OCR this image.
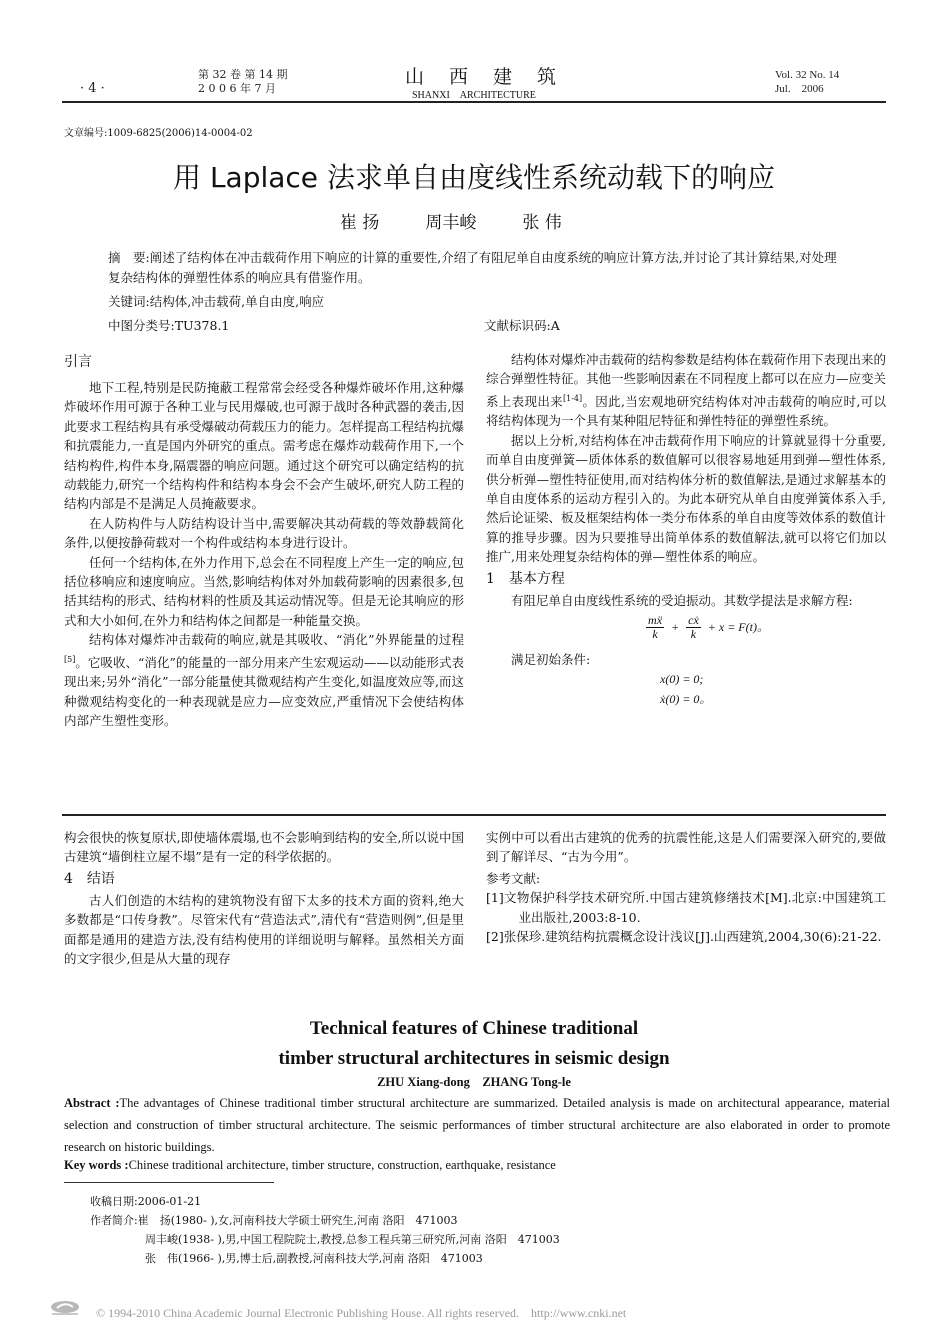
· 4 ·
第 32 卷 第 14 期
2 0 0 6 年 7 月
山　西　建　筑
SHANXI　ARCHITECTURE
Vol. 32 No. 14
Jul.　2006
文章编号:1009-6825(2006)14-0004-02
用 Laplace 法求单自由度线性系统动载下的响应
崔 扬	周丰峻	张 伟
摘　要:阐述了结构体在冲击载荷作用下响应的计算的重要性,介绍了有阻尼单自由度系统的响应计算方法,并讨论了其计算结果,对处理复杂结构体的弹塑性体系的响应具有借鉴作用。
关键词:结构体,冲击载荷,单自由度,响应
中图分类号:TU378.1	文献标识码:A
引言

地下工程,特别是民防掩蔽工程常常会经受各种爆炸破坏作用,这种爆炸破坏作用可源于各种工业与民用爆破,也可源于战时各种武器的袭击,因此要求工程结构具有承受爆破动荷载压力的能力。怎样提高工程结构抗爆和抗震能力,一直是国内外研究的重点。需考虑在爆炸动载荷作用下,一个结构构件,构件本身,隔震器的响应问题。通过这个研究可以确定结构的抗动载能力,研究一个结构构件和结构本身会不会产生破坏,研究人防工程的结构内部是不是满足人员掩蔽要求。

在人防构件与人防结构设计当中,需要解决其动荷载的等效静载简化条件,以便按静荷载对一个构件或结构本身进行设计。

任何一个结构体,在外力作用下,总会在不同程度上产生一定的响应,包括位移响应和速度响应。当然,影响结构体对外加载荷影响的因素很多,包括其结构的形式、结构材料的性质及其运动情况等。但是无论其响应的形式和大小如何,在外力和结构体之间都是一种能量交换。

结构体对爆炸冲击载荷的响应,就是其吸收、“消化”外界能量的过程[5]。它吸收、“消化”的能量的一部分用来产生宏观运动——以动能形式表现出来;另外“消化”一部分能量使其微观结构产生变化,如温度效应等,而这种微观结构变化的一种表现就是应力—应变效应,严重情况下会使结构体内部产生塑性变形。

结构体对爆炸冲击载荷的结构参数是结构体在载荷作用下表现出来的综合弹塑性特征。其他一些影响因素在不同程度上都可以在应力—应变关系上表现出来[1-4]。因此,当宏观地研究结构体对冲击载荷的响应时,可以将结构体现为一个具有某种阻尼特征和弹性特征的弹塑性系统。

据以上分析,对结构体在冲击载荷作用下响应的计算就显得十分重要,而单自由度弹簧—质体体系的数值解可以很容易地延用到弹—塑性体系,供分析弹—塑性特征使用,而对结构体分析的数值解法,是通过求解基本的单自由度体系的运动方程引入的。为此本研究从单自由度弹簧体系入手,然后论证梁、板及框架结构体一类分布体系的单自由度等效体系的数值计算的推导步骤。因为只要推导出简单体系的数值解法,就可以将它们加以推广,用来处理复杂结构体的弹—塑性体系的响应。

1　基本方程

有阻尼单自由度线性系统的受迫振动。其数学提法是求解方程:

$\frac{\text{mẍ}}{k} + \frac{\text{cẋ}}{k} + x = F(t)$。

满足初始条件:

x(0) = 0;
ẋ(0) = 0。

构会很快的恢复原状,即使墙体震塌,也不会影响到结构的安全,所以说中国古建筑“墙倒柱立屋不塌”是有一定的科学依据的。

4　结语

古人们创造的木结构的建筑物没有留下太多的技术方面的资料,绝大多数都是“口传身教”。尽管宋代有“营造法式”,清代有“营造则例”,但是里面都是通用的建造方法,没有结构使用的详细说明与解释。虽然相关方面的文字很少,但是从大量的现存

实例中可以看出古建筑的优秀的抗震性能,这是人们需要深入研究的,要做到了解详尽、“古为今用”。

参考文献:
[1]文物保护科学技术研究所.中国古建筑修缮技术[M].北京:中国建筑工业出版社,2003:8-10.
[2]张保珍.建筑结构抗震概念设计浅议[J].山西建筑,2004,30(6):21-22.
Technical features of Chinese traditional
timber structural architectures in seismic design
ZHU Xiang-dong　ZHANG Tong-le
Abstract :The advantages of Chinese traditional timber structural architecture are summarized. Detailed analysis is made on architectural appearance, material selection and construction of timber structural architecture. The seismic performances of timber structural architecture are also elaborated in order to promote research on historic buildings.
Key words :Chinese traditional architecture, timber structure, construction, earthquake, resistance
收稿日期:2006-01-21
作者简介:崔　扬(1980- ),女,河南科技大学硕士研究生,河南 洛阳　471003
周丰峻(1938- ),男,中国工程院院士,教授,总参工程兵第三研究所,河南 洛阳　471003
张　伟(1966- ),男,博士后,副教授,河南科技大学,河南 洛阳　471003
© 1994-2010 China Academic Journal Electronic Publishing House. All rights reserved.　http://www.cnki.net
